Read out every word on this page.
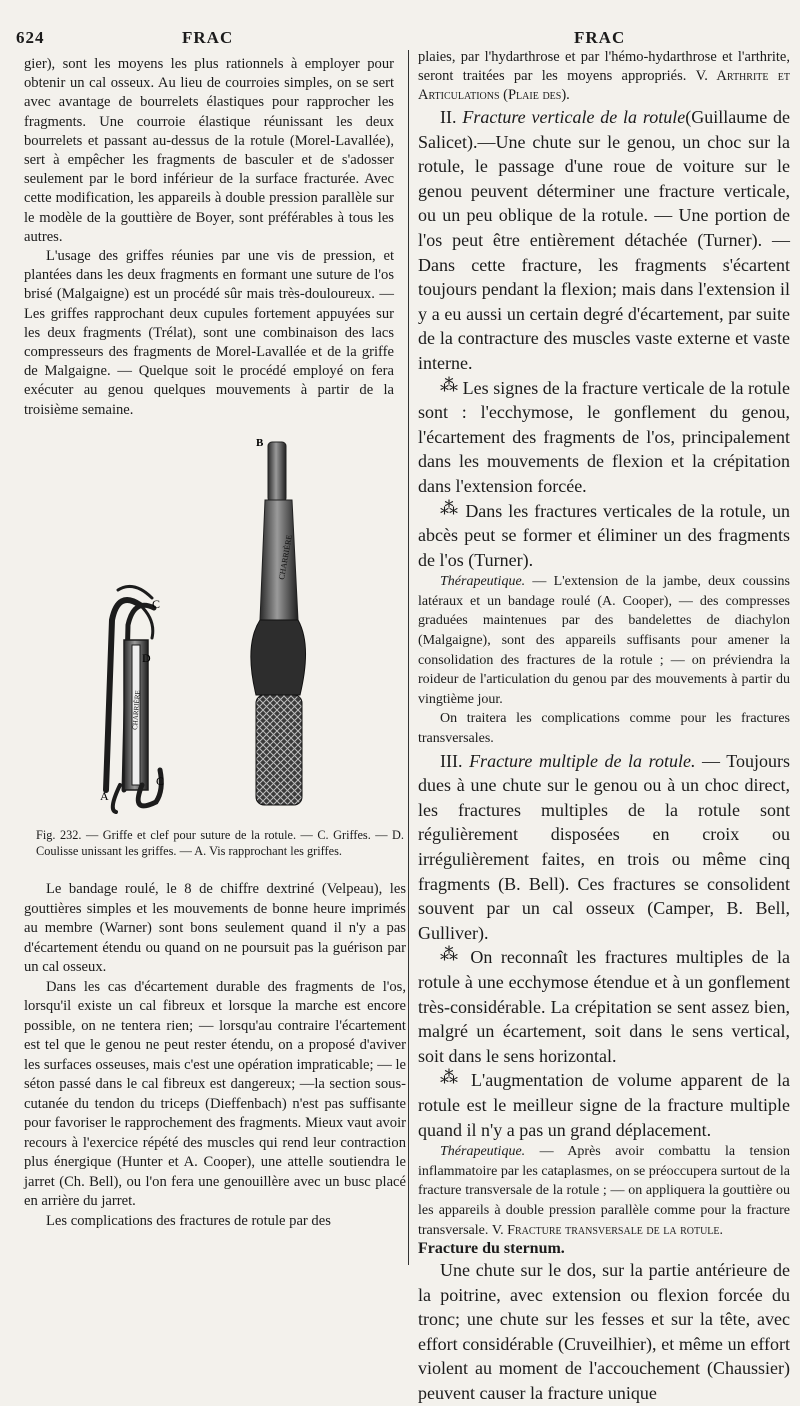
624	FRAC	FRAC

gier), sont les moyens les plus rationnels à employer pour obtenir un cal osseux. Au lieu de courroies simples, on se sert avec avantage de bourrelets élastiques pour rapprocher les fragments. Une courroie élastique réunissant les deux bourrelets et passant au-dessus de la rotule (Morel-Lavallée), sert à empêcher les fragments de basculer et de s'adosser seulement par le bord inférieur de la surface fracturée. Avec cette modification, les appareils à double pression parallèle sur le modèle de la gouttière de Boyer, sont préférables à tous les autres.

L'usage des griffes réunies par une vis de pression, et plantées dans les deux fragments en formant une suture de l'os brisé (Malgaigne) est un procédé sûr mais très-douloureux. — Les griffes rapprochant deux cupules fortement appuyées sur les deux fragments (Trélat), sont une combinaison des lacs compresseurs des fragments de Morel-Lavallée et de la griffe de Malgaigne. — Quelque soit le procédé employé on fera exécuter au genou quelques mouvements à partir de la troisième semaine.

CHARRIÈRE
CHARRIÈRE
B
C
D
A
C
Fig. 232. — Griffe et clef pour suture de la rotule. — C. Griffes. — D. Coulisse unissant les griffes. — A. Vis rapprochant les griffes.

Le bandage roulé, le 8 de chiffre dextriné (Velpeau), les gouttières simples et les mouvements de bonne heure imprimés au membre (Warner) sont bons seulement quand il n'y a pas d'écartement étendu ou quand on ne poursuit pas la guérison par un cal osseux.

Dans les cas d'écartement durable des fragments de l'os, lorsqu'il existe un cal fibreux et lorsque la marche est encore possible, on ne tentera rien; — lorsqu'au contraire l'écartement est tel que le genou ne peut rester étendu, on a proposé d'aviver les surfaces osseuses, mais c'est une opération impraticable; — le séton passé dans le cal fibreux est dangereux; —la section sous-cutanée du tendon du triceps (Dieffenbach) n'est pas suffisante pour favoriser le rapprochement des fragments. Mieux vaut avoir recours à l'exercice répété des muscles qui rend leur contraction plus énergique (Hunter et A. Cooper), une attelle soutiendra le jarret (Ch. Bell), ou l'on fera une genouillère avec un busc placé en arrière du jarret.

Les complications des fractures de rotule par des

plaies, par l'hydarthrose et par l'hémo-hydarthrose et l'arthrite, seront traitées par les moyens appropriés. V. Arthrite et Articulations (Plaie des).

II. Fracture verticale de la rotule(Guillaume de Salicet).—Une chute sur le genou, un choc sur la rotule, le passage d'une roue de voiture sur le genou peuvent déterminer une fracture verticale, ou un peu oblique de la rotule. — Une portion de l'os peut être entièrement détachée (Turner). — Dans cette fracture, les fragments s'écartent toujours pendant la flexion; mais dans l'extension il y a eu aussi un certain degré d'écartement, par suite de la contracture des muscles vaste externe et vaste interne.

⁂ Les signes de la fracture verticale de la rotule sont : l'ecchymose, le gonflement du genou, l'écartement des fragments de l'os, principalement dans les mouvements de flexion et la crépitation dans l'extension forcée.

⁂ Dans les fractures verticales de la rotule, un abcès peut se former et éliminer un des fragments de l'os (Turner).

Thérapeutique. — L'extension de la jambe, deux coussins latéraux et un bandage roulé (A. Cooper), — des compresses graduées maintenues par des bandelettes de diachylon (Malgaigne), sont des appareils suffisants pour amener la consolidation des fractures de la rotule ; — on préviendra la roideur de l'articulation du genou par des mouvements à partir du vingtième jour.

On traitera les complications comme pour les fractures transversales.

III. Fracture multiple de la rotule. — Toujours dues à une chute sur le genou ou à un choc direct, les fractures multiples de la rotule sont régulièrement disposées en croix ou irrégulièrement faites, en trois ou même cinq fragments (B. Bell). Ces fractures se consolident souvent par un cal osseux (Camper, B. Bell, Gulliver).

⁂ On reconnaît les fractures multiples de la rotule à une ecchymose étendue et à un gonflement très-considérable. La crépitation se sent assez bien, malgré un écartement, soit dans le sens vertical, soit dans le sens horizontal.

⁂ L'augmentation de volume apparent de la rotule est le meilleur signe de la fracture multiple quand il n'y a pas un grand déplacement.

Thérapeutique. — Après avoir combattu la tension inflammatoire par les cataplasmes, on se préoccupera surtout de la fracture transversale de la rotule ; — on appliquera la gouttière ou les appareils à double pression parallèle comme pour la fracture transversale. V. Fracture transversale de la rotule.

Fracture du sternum.

Une chute sur le dos, sur la partie antérieure de la poitrine, avec extension ou flexion forcée du tronc; une chute sur les fesses et sur la tête, avec effort considérable (Cruveilhier), et même un effort violent au moment de l'accouchement (Chaussier) peuvent causer la fracture unique
